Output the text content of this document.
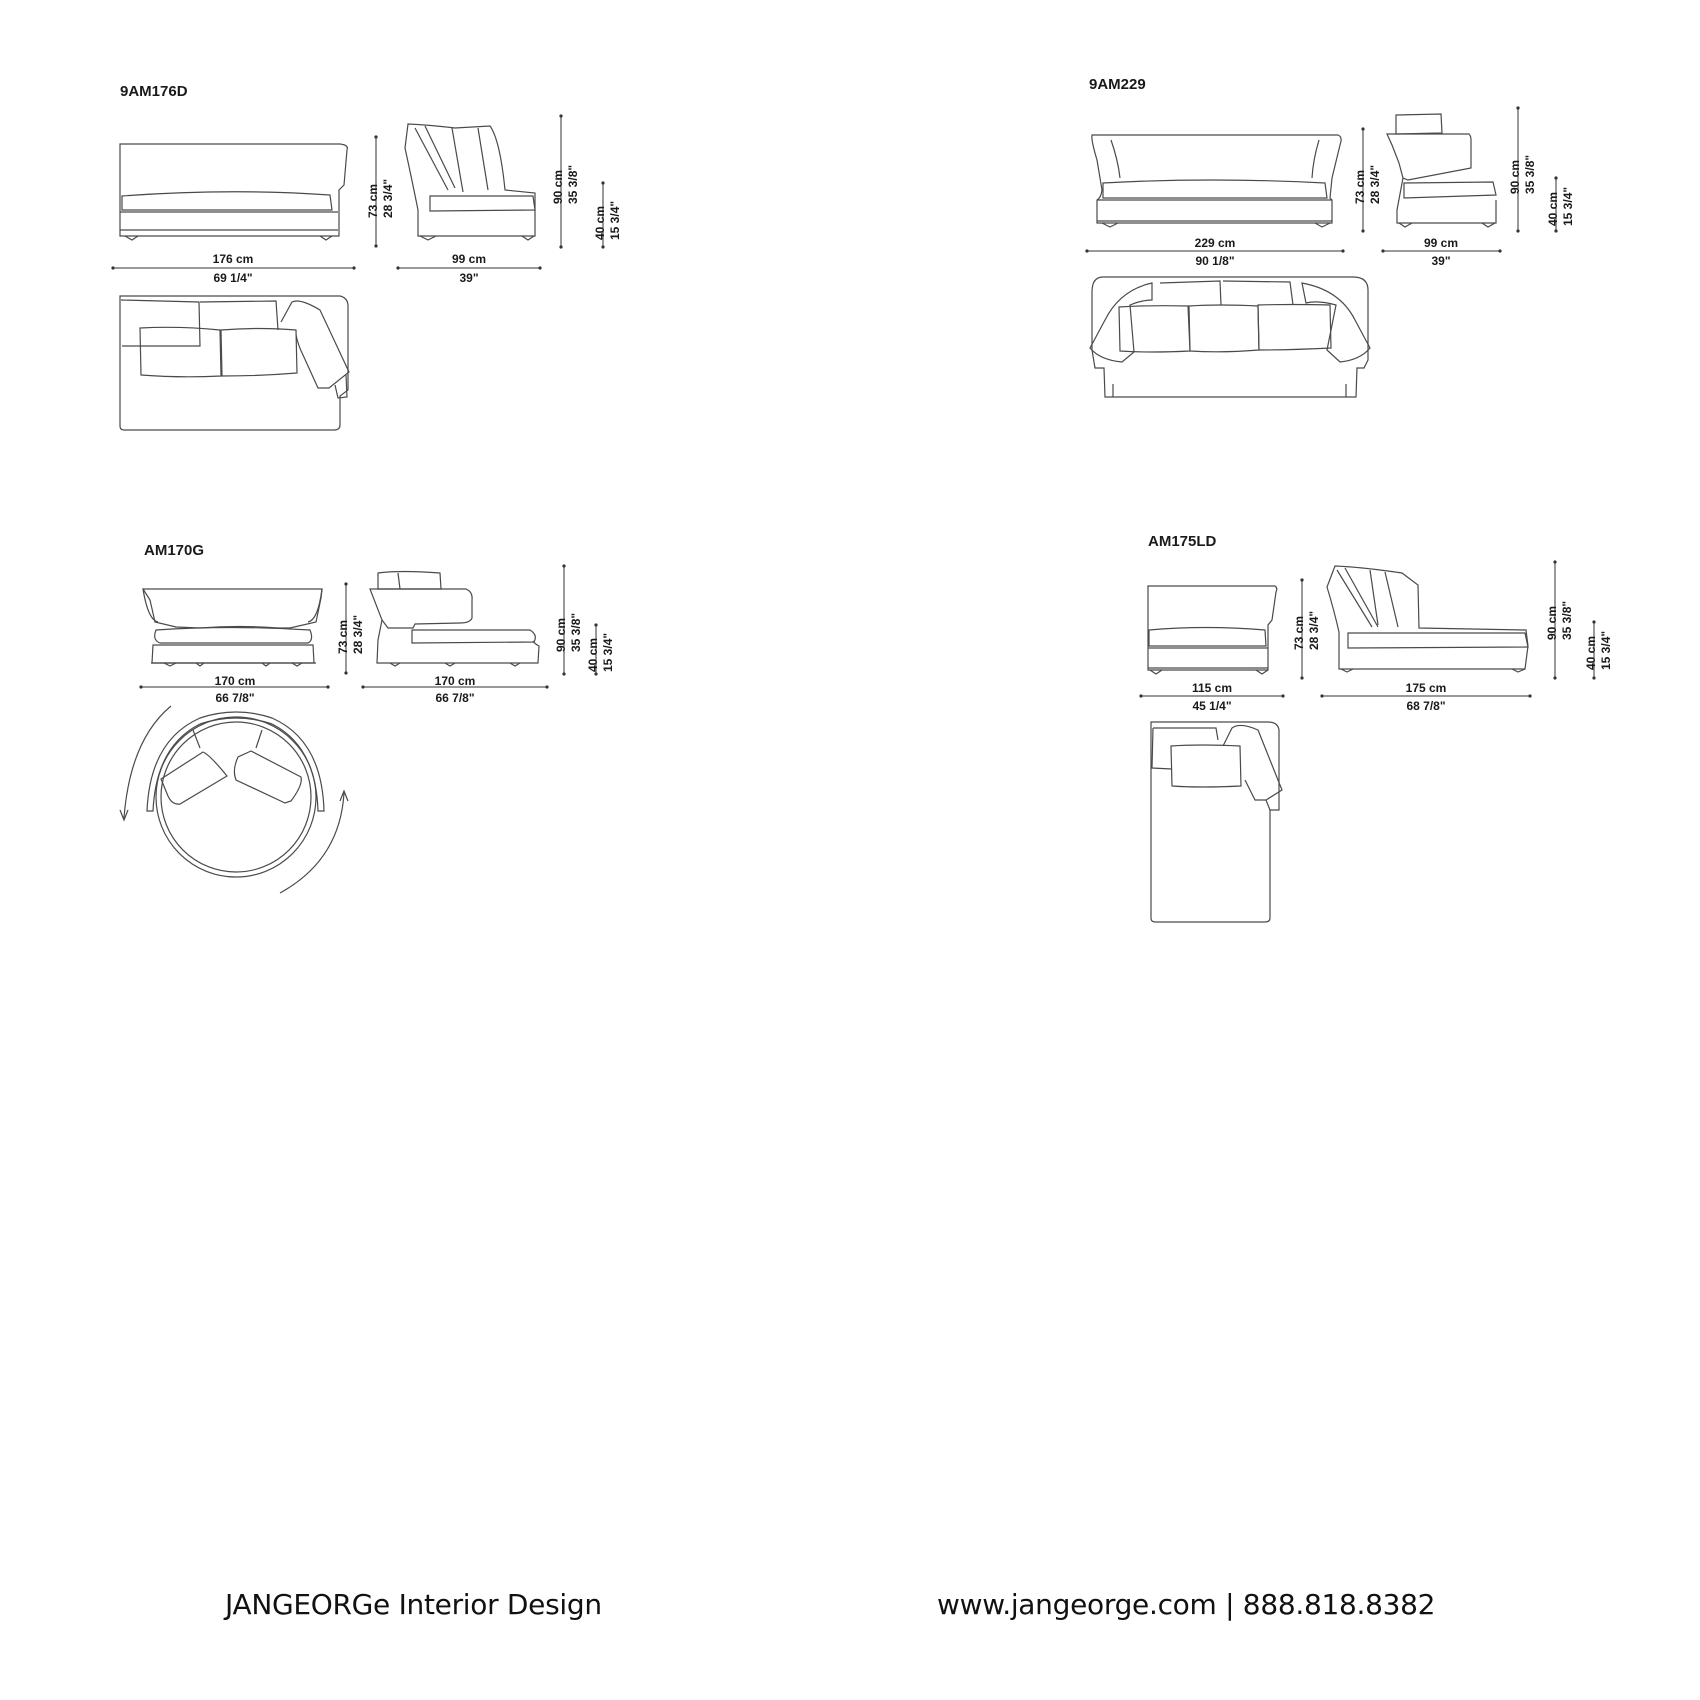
9AM176D
73 cm 28 3/4"	90 cm 35 3/8"
40 cm 15 3/4"
176 cm
69 1/4"
99 cm
39"
9AM229
73 cm 28 3/4"	90 cm 35 3/8"
40 cm 15 3/4"
229 cm
90 1/8"
99 cm
39"
AM170G
73 cm 28 3/4"	90 cm 35 3/8"
40 cm 15 3/4"
170 cm
66 7/8"
170 cm
66 7/8"
AM175LD
73 cm 28 3/4"	90 cm 35 3/8"
40 cm 15 3/4"
115 cm
45 1/4"
175 cm
68 7/8"
JANGEORGe Interior Design	www.jangeorge.com | 888.818.8382
